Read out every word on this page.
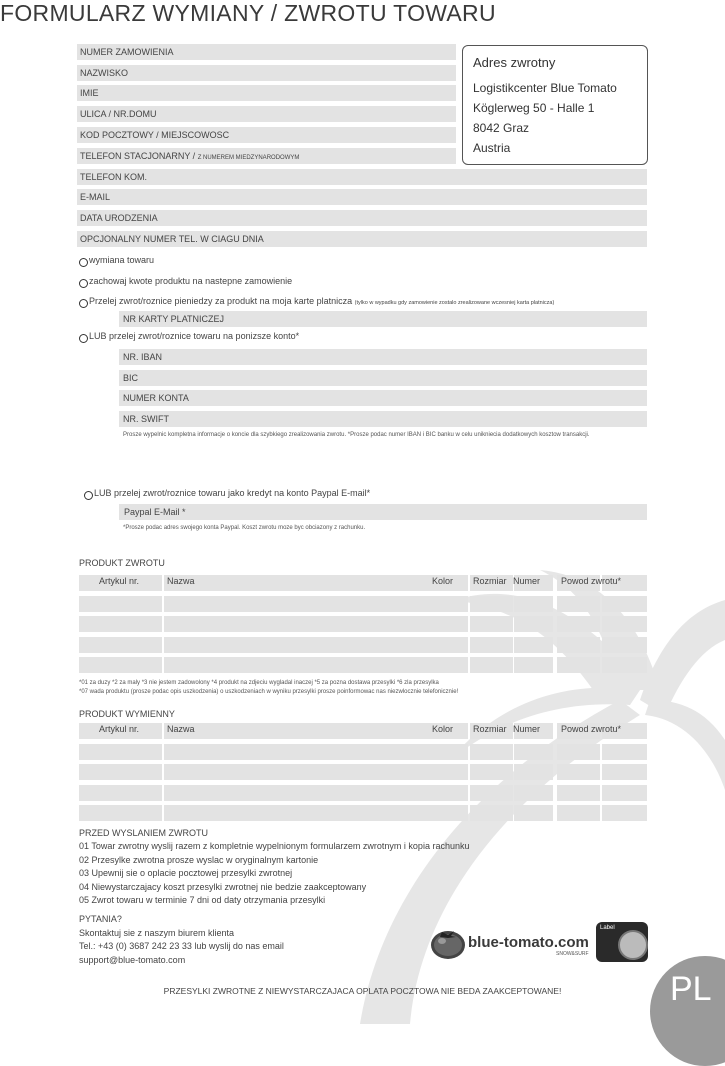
FORMULARZ WYMIANY / ZWROTU TOWARU
NUMER ZAMOWIENIA
NAZWISKO
IMIE
ULICA / NR.DOMU
KOD POCZTOWY / MIEJSCOWOSC
TELEFON STACJONARNY / Z NUMEREM MIEDZYNARODOWYM
TELEFON KOM.
E-MAIL
DATA URODZENIA
OPCJONALNY NUMER TEL. W CIAGU DNIA
Adres zwrotny
Logistikcenter Blue Tomato
Köglerweg 50 - Halle 1
8042 Graz
Austria
wymiana towaru
zachowaj kwote produktu na nastepne zamowienie
Przelej zwrot/roznice pieniedzy za produkt na moja karte platnicza (tylko w wypadku gdy zamowienie zostalo zrealizowane wczesniej karta platnicza)
NR KARTY PLATNICZEJ
LUB przelej zwrot/roznice towaru na ponizsze konto*
NR. IBAN
BIC
NUMER KONTA
NR. SWIFT
Prosze wypelnic kompletna informacje o koncie dla szybkiego zrealizowania zwrotu. *Prosze podac numer IBAN i BIC banku w celu unikniecia dodatkowych kosztow transakcji.
LUB przelej zwrot/roznice towaru jako kredyt na konto Paypal E-mail*
Paypal E-Mail *
*Prosze podac adres swojego konta Paypal. Koszt zwrotu moze byc obciazony z rachunku.
PRODUKT ZWROTU
Artykul nr.	Nazwa	Kolor Rozmiar Numer Powod zwrotu*
*01 za duzy *2 za maly *3 nie jestem zadowolony *4 produkt na zdjeciu wygladal inaczej *5 za pozna dostawa przesylki *6 zla przesylka
*07 wada produktu (prosze podac opis uszkodzenia) o uszkodzeniach w wyniku przesylki prosze poinformowac nas niezwlocznie telefonicznie!
PRODUKT WYMIENNY
Artykul nr.	Nazwa	Kolor Rozmiar Numer Powod zwrotu*
PRZED WYSLANIEM ZWROTU
01 Towar zwrotny wyslij razem z kompletnie wypelnionym formularzem zwrotnym i kopia rachunku
02 Przesylke zwrotna prosze wyslac w oryginalnym kartonie
03 Upewnij sie o oplacie pocztowej przesylki zwrotnej
04 Niewystarczajacy koszt przesylki zwrotnej nie bedzie zaakceptowany
05 Zwrot towaru w terminie 7 dni od daty otrzymania przesylki
PYTANIA?
Skontaktuj sie z naszym biurem klienta
Tel.: +43 (0) 3687 242 23 33 lub wyslij do nas email
support@blue-tomato.com
blue-tomato.com
SNOW&SURF
Label
PRZESYLKI ZWROTNE Z NIEWYSTARCZAJACA OPLATA POCZTOWA NIE BEDA ZAAKCEPTOWANE!	PL
